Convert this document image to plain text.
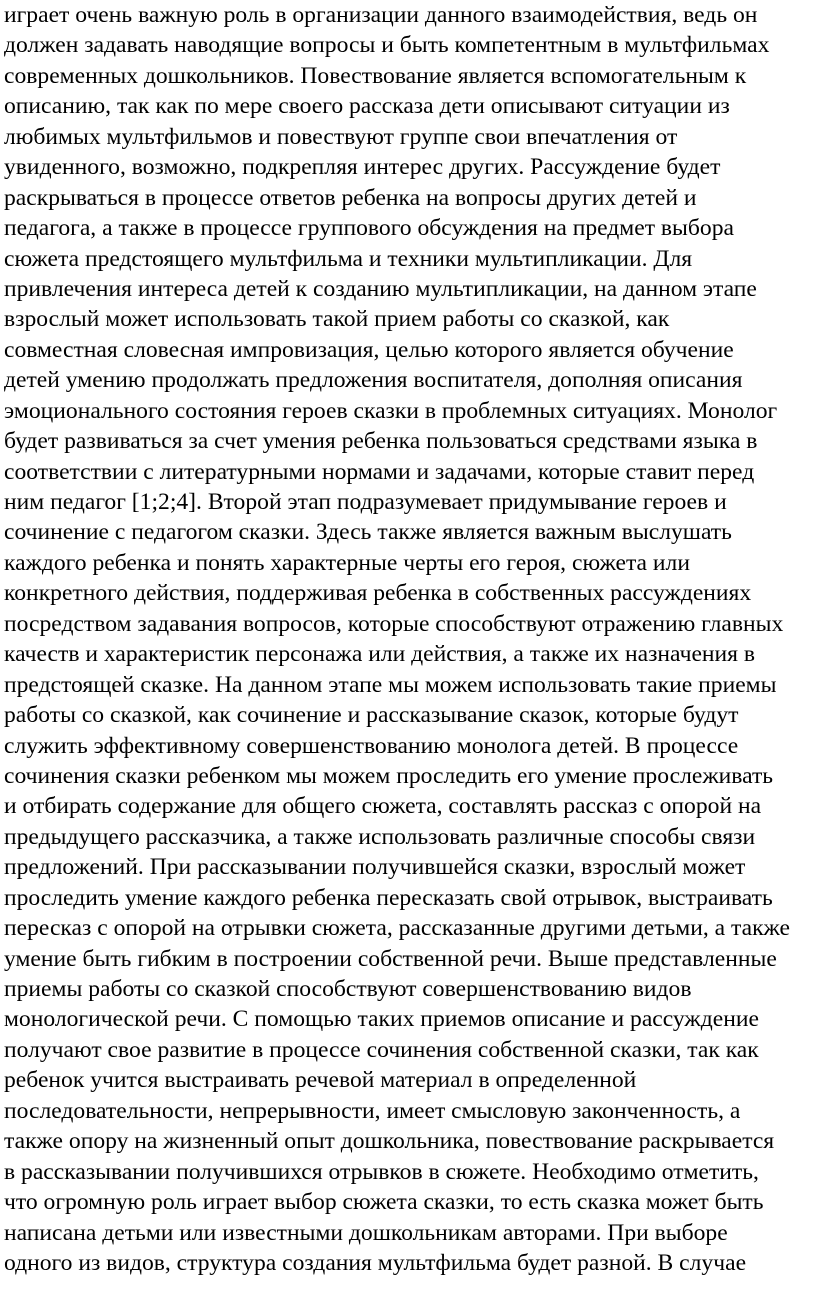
играет очень важную роль в организации данного взаимодействия, ведь он
должен задавать наводящие вопросы и быть компетентным в мультфильмах
современных дошкольников. Повествование является вспомогательным к
описанию, так как по мере своего рассказа дети описывают ситуации из
любимых мультфильмов и повествуют группе свои впечатления от
увиденного, возможно, подкрепляя интерес других. Рассуждение будет
раскрываться в процессе ответов ребенка на вопросы других детей и
педагога, а также в процессе группового обсуждения на предмет выбора
сюжета предстоящего мультфильма и техники мультипликации. Для
привлечения интереса детей к созданию мультипликации, на данном этапе
взрослый может использовать такой прием работы со сказкой, как
совместная словесная импровизация, целью которого является обучение
детей умению продолжать предложения воспитателя, дополняя описания
эмоционального состояния героев сказки в проблемных ситуациях. Монолог
будет развиваться за счет умения ребенка пользоваться средствами языка в
соответствии с литературными нормами и задачами, которые ставит перед
ним педагог [1;2;4]. Второй этап подразумевает придумывание героев и
сочинение с педагогом сказки. Здесь также является важным выслушать
каждого ребенка и понять характерные черты его героя, сюжета или
конкретного действия, поддерживая ребенка в собственных рассуждениях
посредством задавания вопросов, которые способствуют отражению главных
качеств и характеристик персонажа или действия, а также их назначения в
предстоящей сказке. На данном этапе мы можем использовать такие приемы
работы со сказкой, как сочинение и рассказывание сказок, которые будут
служить эффективному совершенствованию монолога детей. В процессе
сочинения сказки ребенком мы можем проследить его умение прослеживать
и отбирать содержание для общего сюжета, составлять рассказ с опорой на
предыдущего рассказчика, а также использовать различные способы связи
предложений. При рассказывании получившейся сказки, взрослый может
проследить умение каждого ребенка пересказать свой отрывок, выстраивать
пересказ с опорой на отрывки сюжета, рассказанные другими детьми, а также
умение быть гибким в построении собственной речи. Выше представленные
приемы работы со сказкой способствуют совершенствованию видов
монологической речи. С помощью таких приемов описание и рассуждение
получают свое развитие в процессе сочинения собственной сказки, так как
ребенок учится выстраивать речевой материал в определенной
последовательности, непрерывности, имеет смысловую законченность, а
также опору на жизненный опыт дошкольника, повествование раскрывается
в рассказывании получившихся отрывков в сюжете. Необходимо отметить,
что огромную роль играет выбор сюжета сказки, то есть сказка может быть
написана детьми или известными дошкольникам авторами. При выборе
одного из видов, структура создания мультфильма будет разной. В случае
